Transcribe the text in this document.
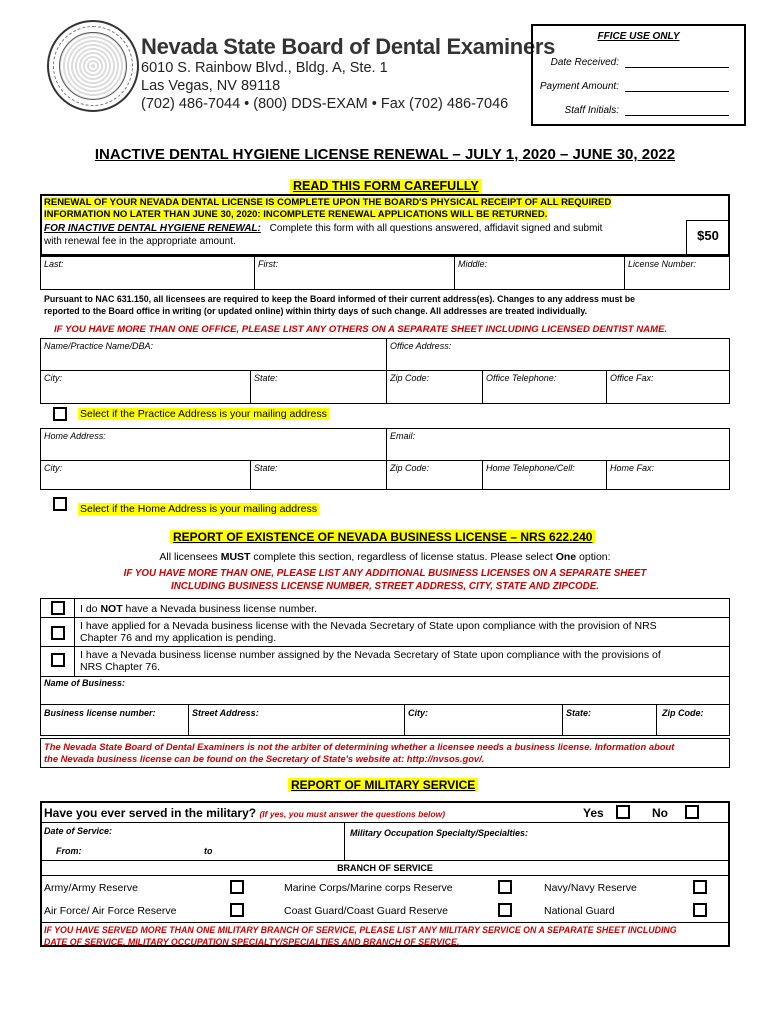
Nevada State Board of Dental Examiners
6010 S. Rainbow Blvd., Bldg. A, Ste. 1
Las Vegas, NV 89118
(702) 486-7044 • (800) DDS-EXAM • Fax (702) 486-7046
FFICE USE ONLY
Date Received:
Payment Amount:
Staff Initials:
INACTIVE DENTAL HYGIENE LICENSE RENEWAL – JULY 1, 2020 – JUNE 30, 2022
READ THIS FORM CAREFULLY
RENEWAL OF YOUR NEVADA DENTAL LICENSE IS COMPLETE UPON THE BOARD'S PHYSICAL RECEIPT OF ALL REQUIRED
INFORMATION NO LATER THAN JUNE 30, 2020: INCOMPLETE RENEWAL APPLICATIONS WILL BE RETURNED.
FOR INACTIVE DENTAL HYGIENE RENEWAL: Complete this form with all questions answered, affidavit signed and submit
with renewal fee in the appropriate amount.	$50
Last:	First:	Middle:	License Number:
Pursuant to NAC 631.150, all licensees are required to keep the Board informed of their current address(es). Changes to any address must be
reported to the Board office in writing (or updated online) within thirty days of such change. All addresses are treated individually.
IF YOU HAVE MORE THAN ONE OFFICE, PLEASE LIST ANY OTHERS ON A SEPARATE SHEET INCLUDING LICENSED DENTIST NAME.
Name/Practice Name/DBA:	Office Address:
City:	State:	Zip Code:	Office Telephone:	Office Fax:
Select if the Practice Address is your mailing address
Home Address:	Email:
City:	State:	Zip Code:	Home Telephone/Cell:	Home Fax:
Select if the Home Address is your mailing address
REPORT OF EXISTENCE OF NEVADA BUSINESS LICENSE – NRS 622.240
All licensees MUST complete this section, regardless of license status. Please select One option:
IF YOU HAVE MORE THAN ONE, PLEASE LIST ANY ADDITIONAL BUSINESS LICENSES ON A SEPARATE SHEET
INCLUDING BUSINESS LICENSE NUMBER, STREET ADDRESS, CITY, STATE AND ZIPCODE.
I do NOT have a Nevada business license number.
I have applied for a Nevada business license with the Nevada Secretary of State upon compliance with the provision of NRS
Chapter 76 and my application is pending.
I have a Nevada business license number assigned by the Nevada Secretary of State upon compliance with the provisions of
NRS Chapter 76.
Name of Business:
Business license number:	Street Address:	City:	State:	Zip Code:
The Nevada State Board of Dental Examiners is not the arbiter of determining whether a licensee needs a business license. Information about
the Nevada business license can be found on the Secretary of State's website at: http://nvsos.gov/.
REPORT OF MILITARY SERVICE
Have you ever served in the military? (If yes, you must answer the questions below)	Yes	No
Date of Service:	Military Occupation Specialty/Specialties:
From:	to
BRANCH OF SERVICE
Army/Army Reserve	Marine Corps/Marine corps Reserve	Navy/Navy Reserve
Air Force/ Air Force Reserve	Coast Guard/Coast Guard Reserve	National Guard
IF YOU HAVE SERVED MORE THAN ONE MILITARY BRANCH OF SERVICE, PLEASE LIST ANY MILITARY SERVICE ON A SEPARATE SHEET INCLUDING
DATE OF SERVICE, MILITARY OCCUPATION SPECIALTY/SPECIALTIES AND BRANCH OF SERVICE.
